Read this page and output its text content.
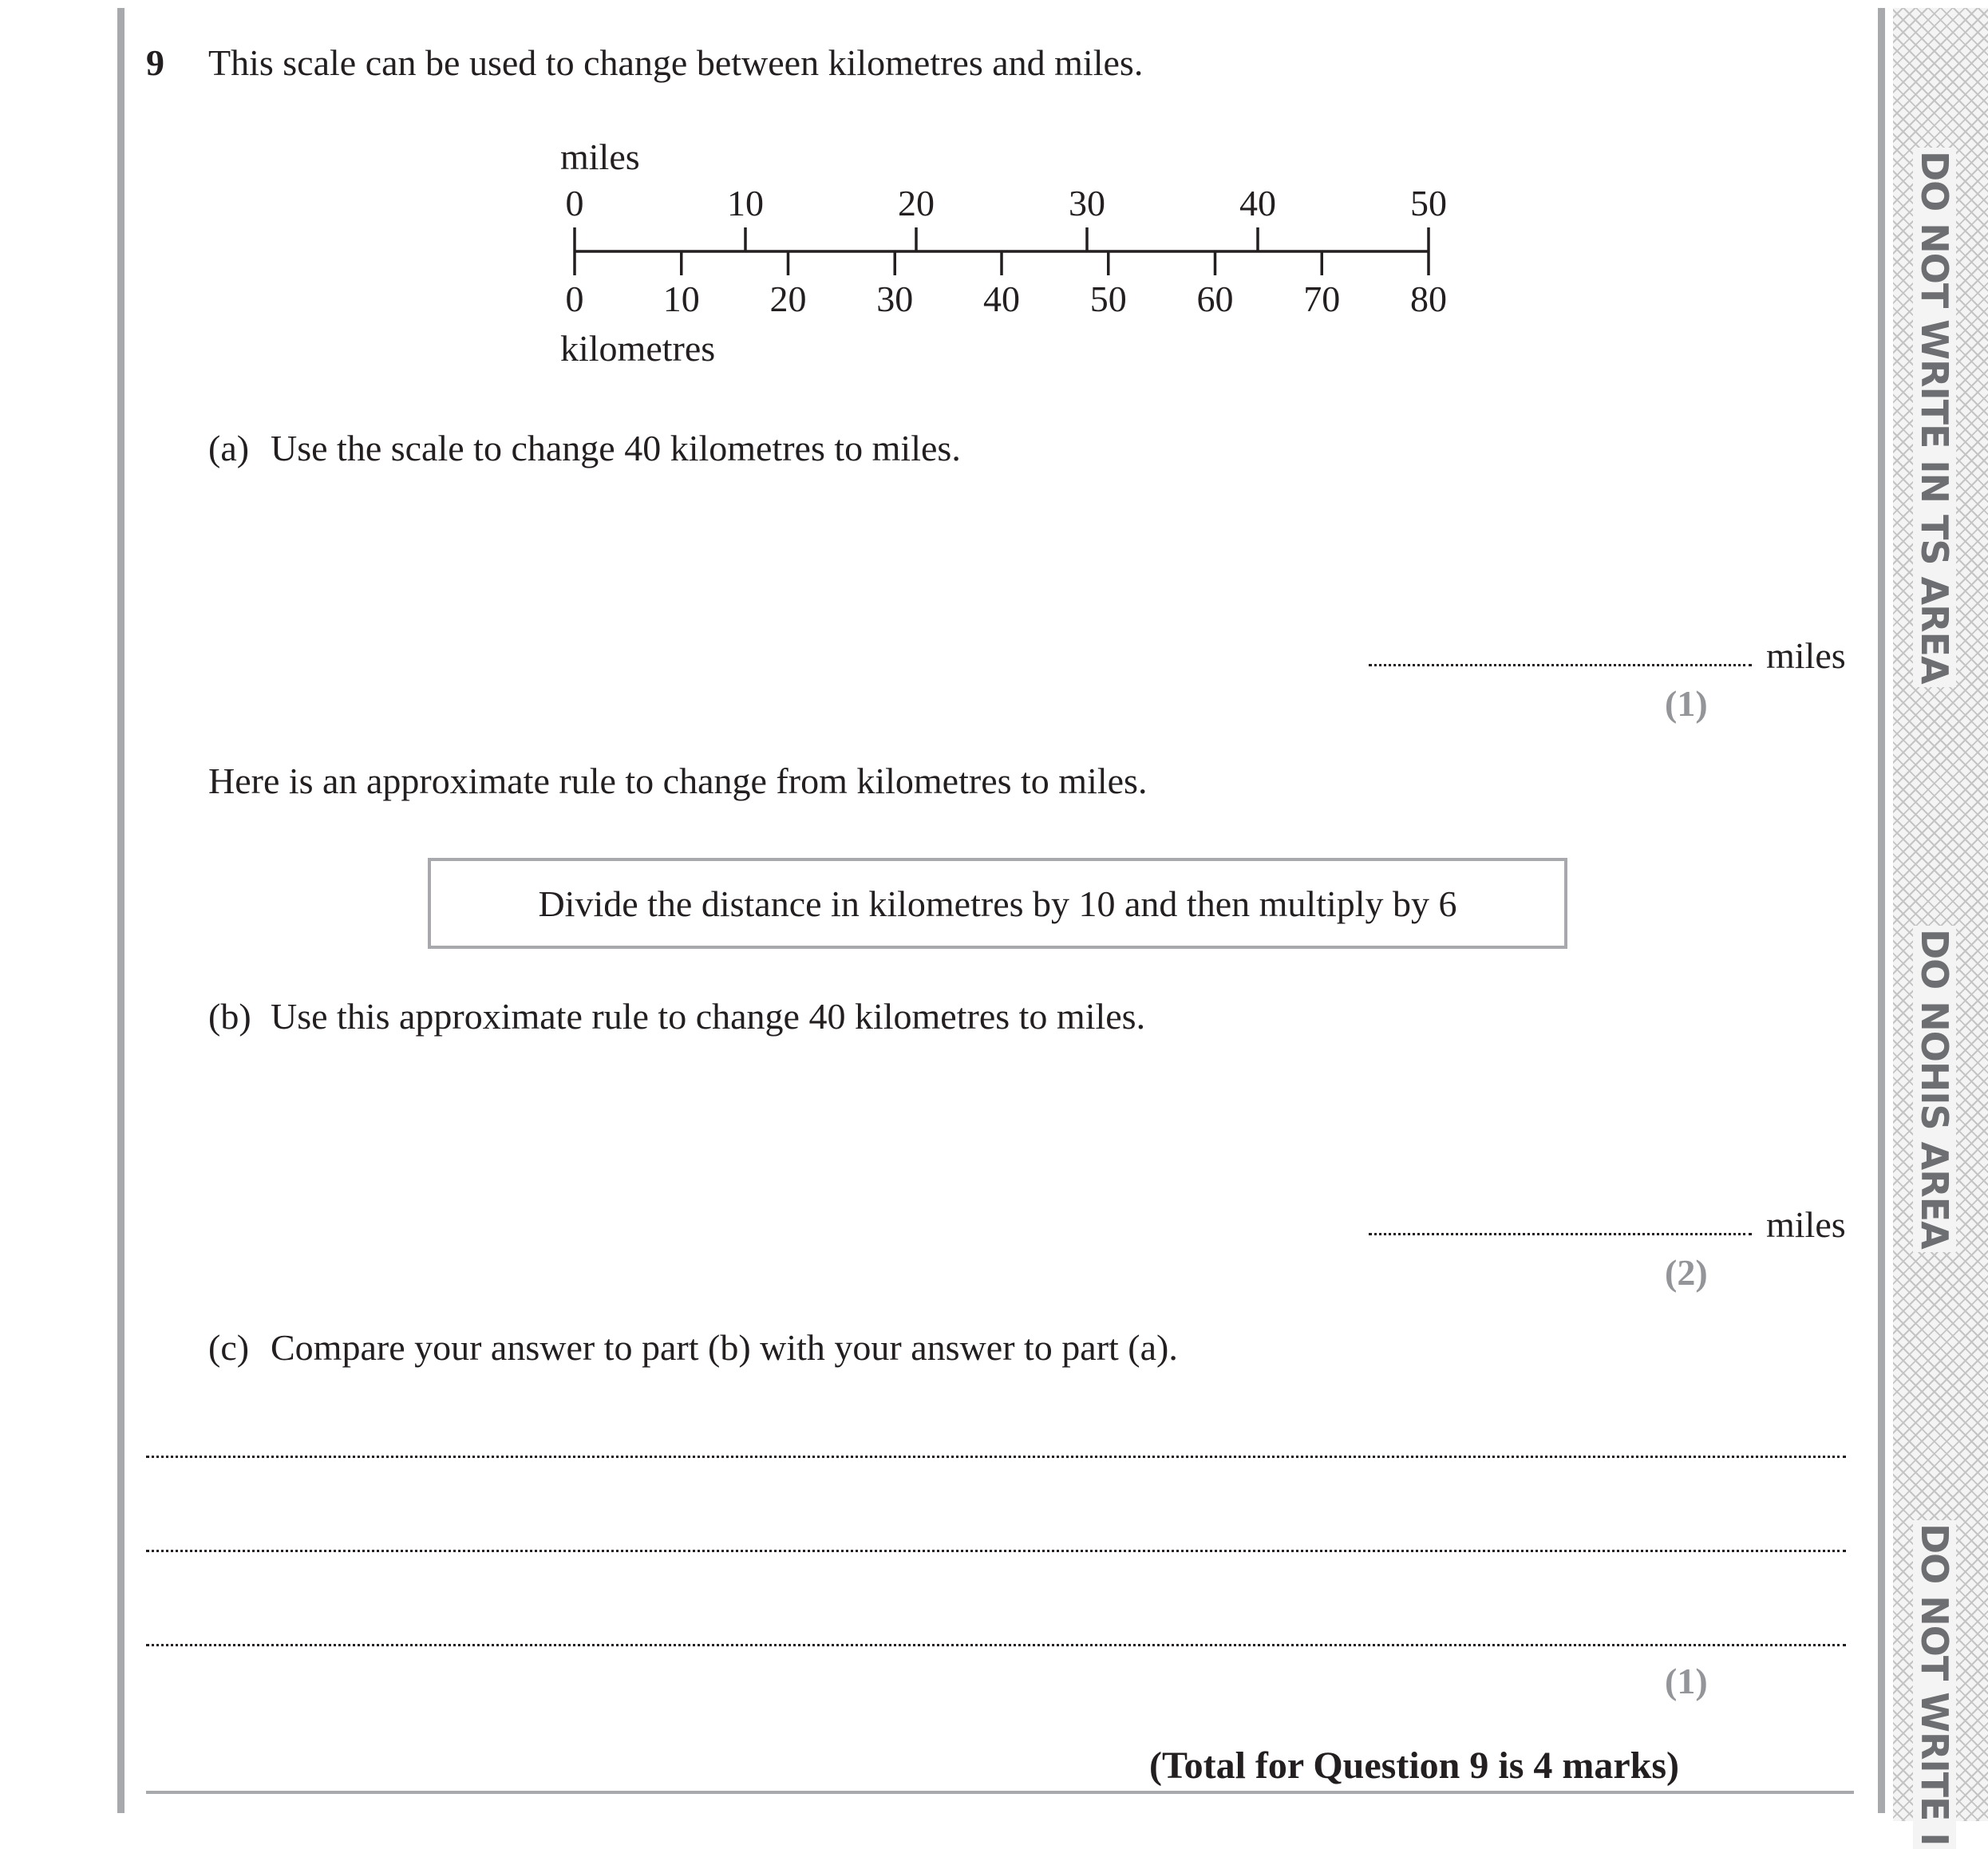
DO NOT WRITE IN TS AREA
DO NOHIS AREA
DO NOT WRITE I
9 This scale can be used to change between kilometres and miles.
miles
0	10	20	30	40	50
0 10 20 30 40 50 60 70 80
kilometres
(a) Use the scale to change 40 kilometres to miles.
miles
(1)
Here is an approximate rule to change from kilometres to miles.
Divide the distance in kilometres by 10 and then multiply by 6
(b) Use this approximate rule to change 40 kilometres to miles.
miles
(2)
(c) Compare your answer to part (b) with your answer to part (a).
(1)
(Total for Question 9 is 4 marks)
